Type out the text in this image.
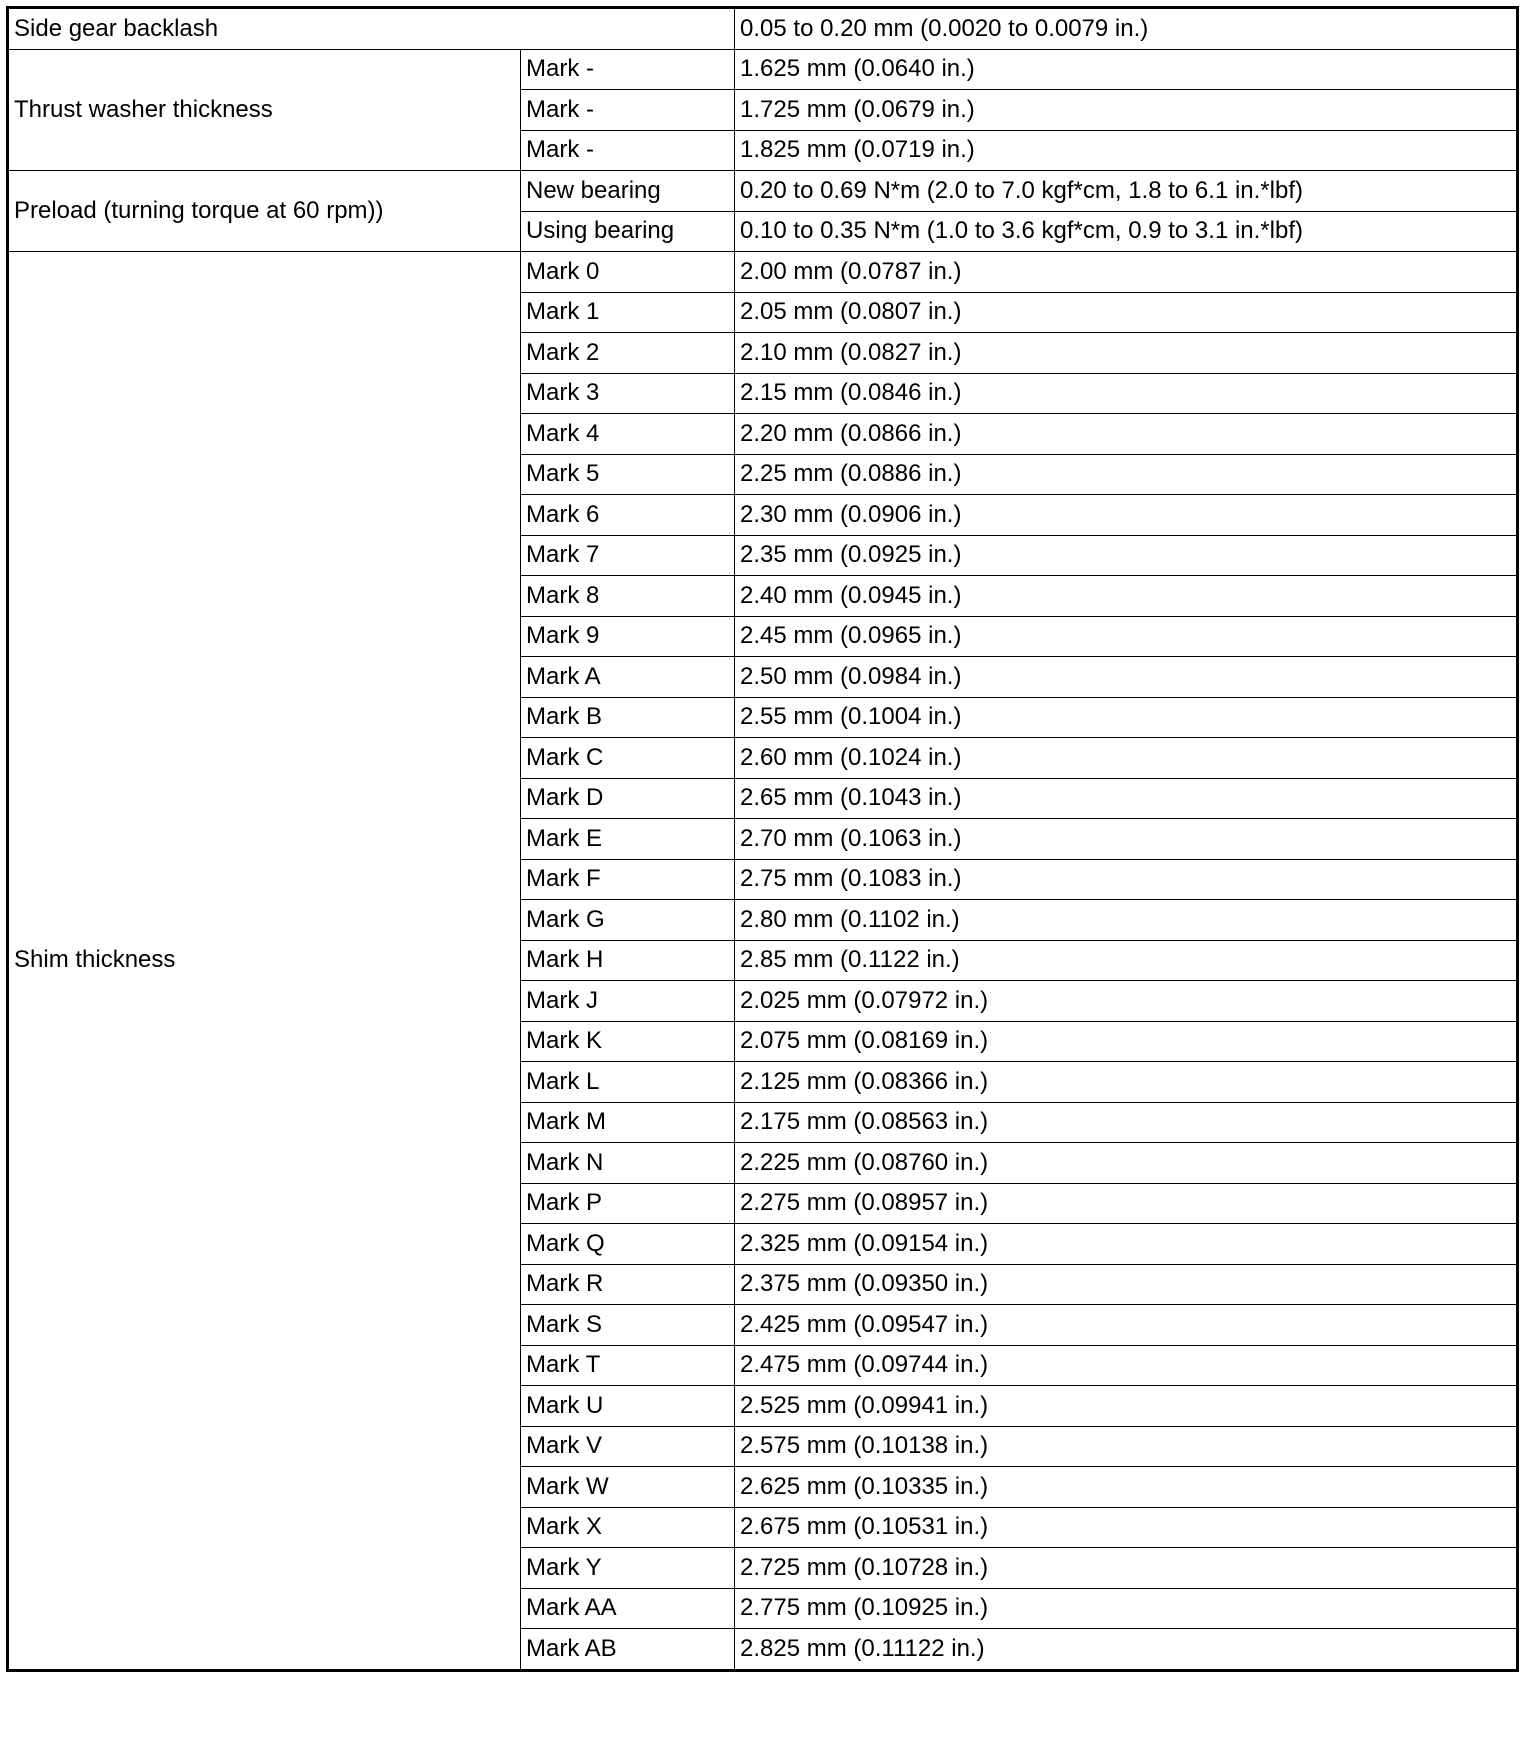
Side gear backlash		0.05 to 0.20 mm (0.0020 to 0.0079 in.)
Thrust washer thickness	Mark -	1.625 mm (0.0640 in.)
	Mark -	1.725 mm (0.0679 in.)
	Mark -	1.825 mm (0.0719 in.)
Preload (turning torque at 60 rpm))	New bearing	0.20 to 0.69 N*m (2.0 to 7.0 kgf*cm, 1.8 to 6.1 in.*lbf)
	Using bearing	0.10 to 0.35 N*m (1.0 to 3.6 kgf*cm, 0.9 to 3.1 in.*lbf)
Shim thickness	Mark 0	2.00 mm (0.0787 in.)
	Mark 1	2.05 mm (0.0807 in.)
	Mark 2	2.10 mm (0.0827 in.)
	Mark 3	2.15 mm (0.0846 in.)
	Mark 4	2.20 mm (0.0866 in.)
	Mark 5	2.25 mm (0.0886 in.)
	Mark 6	2.30 mm (0.0906 in.)
	Mark 7	2.35 mm (0.0925 in.)
	Mark 8	2.40 mm (0.0945 in.)
	Mark 9	2.45 mm (0.0965 in.)
	Mark A	2.50 mm (0.0984 in.)
	Mark B	2.55 mm (0.1004 in.)
	Mark C	2.60 mm (0.1024 in.)
	Mark D	2.65 mm (0.1043 in.)
	Mark E	2.70 mm (0.1063 in.)
	Mark F	2.75 mm (0.1083 in.)
	Mark G	2.80 mm (0.1102 in.)
	Mark H	2.85 mm (0.1122 in.)
	Mark J	2.025 mm (0.07972 in.)
	Mark K	2.075 mm (0.08169 in.)
	Mark L	2.125 mm (0.08366 in.)
	Mark M	2.175 mm (0.08563 in.)
	Mark N	2.225 mm (0.08760 in.)
	Mark P	2.275 mm (0.08957 in.)
	Mark Q	2.325 mm (0.09154 in.)
	Mark R	2.375 mm (0.09350 in.)
	Mark S	2.425 mm (0.09547 in.)
	Mark T	2.475 mm (0.09744 in.)
	Mark U	2.525 mm (0.09941 in.)
	Mark V	2.575 mm (0.10138 in.)
	Mark W	2.625 mm (0.10335 in.)
	Mark X	2.675 mm (0.10531 in.)
	Mark Y	2.725 mm (0.10728 in.)
	Mark AA	2.775 mm (0.10925 in.)
	Mark AB	2.825 mm (0.11122 in.)
